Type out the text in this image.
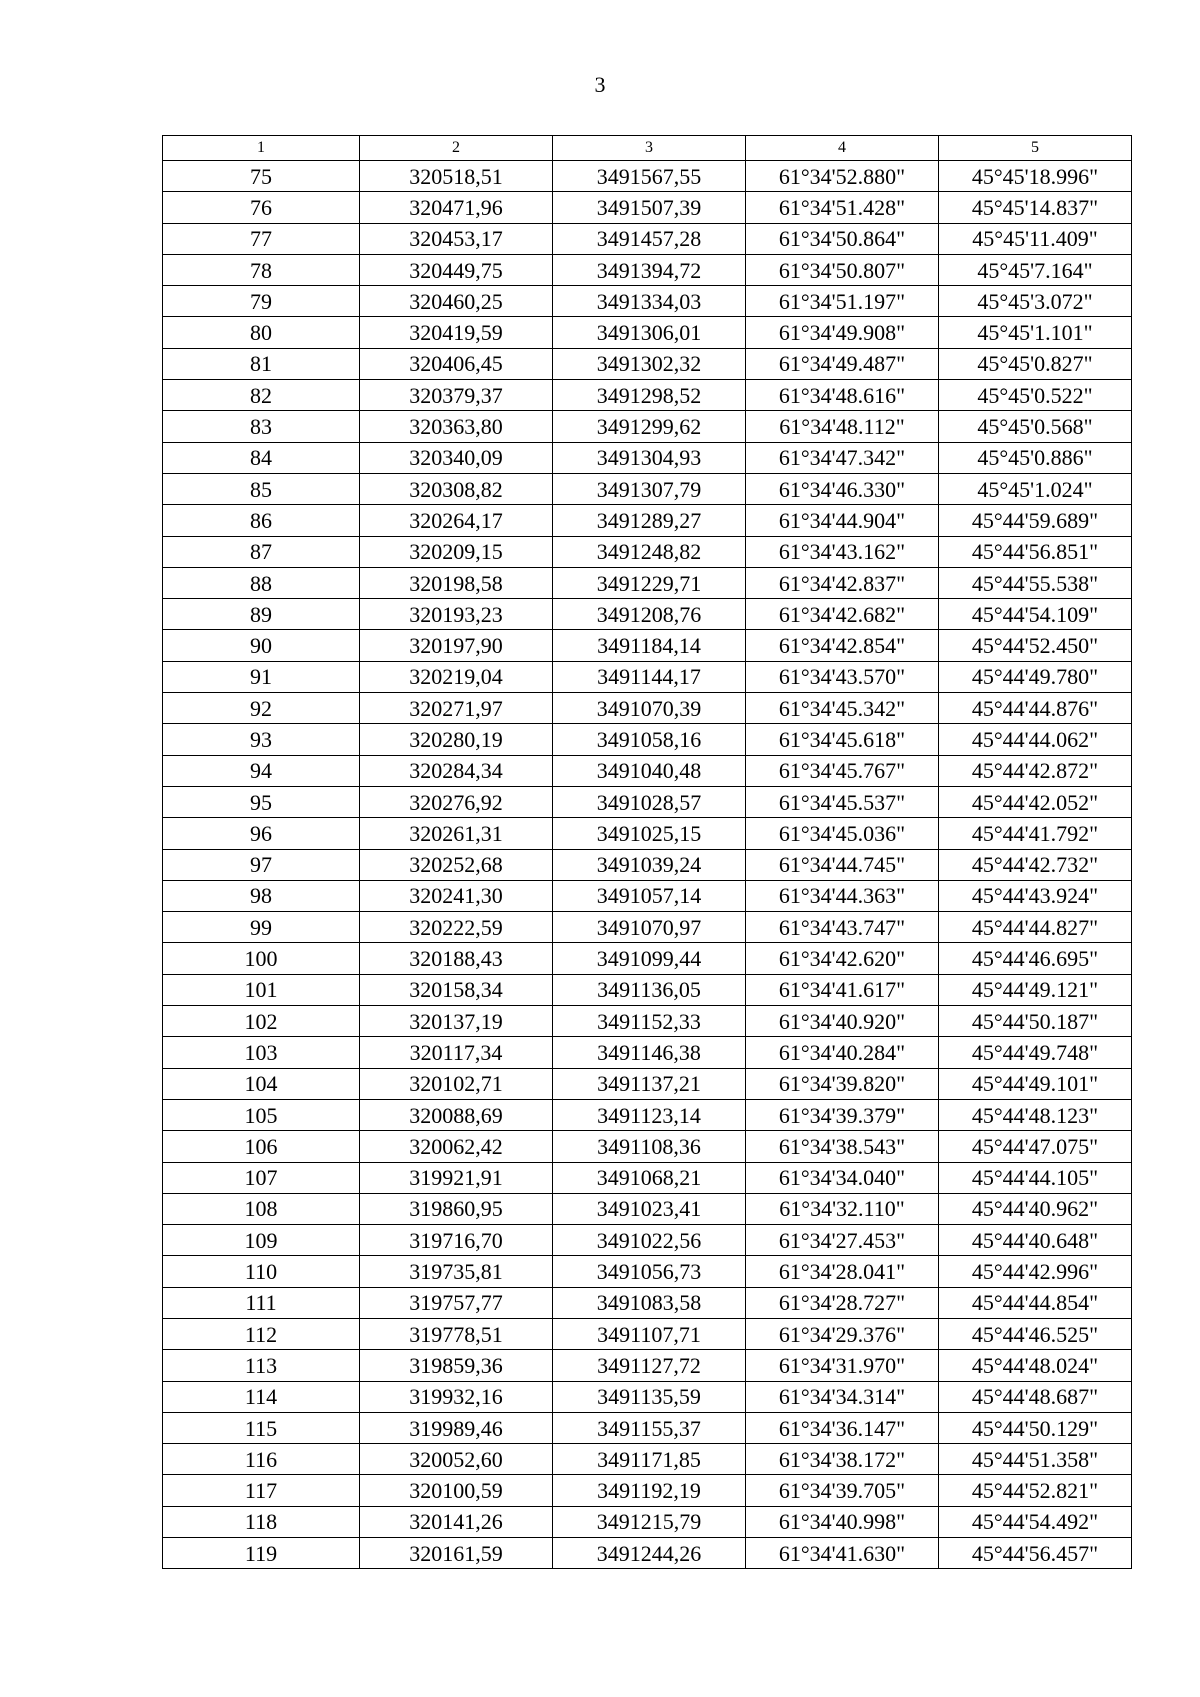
3
1	2	3	4	5
75	320518,51	3491567,55	61°34'52.880"	45°45'18.996"
76	320471,96	3491507,39	61°34'51.428"	45°45'14.837"
77	320453,17	3491457,28	61°34'50.864"	45°45'11.409"
78	320449,75	3491394,72	61°34'50.807"	45°45'7.164"
79	320460,25	3491334,03	61°34'51.197"	45°45'3.072"
80	320419,59	3491306,01	61°34'49.908"	45°45'1.101"
81	320406,45	3491302,32	61°34'49.487"	45°45'0.827"
82	320379,37	3491298,52	61°34'48.616"	45°45'0.522"
83	320363,80	3491299,62	61°34'48.112"	45°45'0.568"
84	320340,09	3491304,93	61°34'47.342"	45°45'0.886"
85	320308,82	3491307,79	61°34'46.330"	45°45'1.024"
86	320264,17	3491289,27	61°34'44.904"	45°44'59.689"
87	320209,15	3491248,82	61°34'43.162"	45°44'56.851"
88	320198,58	3491229,71	61°34'42.837"	45°44'55.538"
89	320193,23	3491208,76	61°34'42.682"	45°44'54.109"
90	320197,90	3491184,14	61°34'42.854"	45°44'52.450"
91	320219,04	3491144,17	61°34'43.570"	45°44'49.780"
92	320271,97	3491070,39	61°34'45.342"	45°44'44.876"
93	320280,19	3491058,16	61°34'45.618"	45°44'44.062"
94	320284,34	3491040,48	61°34'45.767"	45°44'42.872"
95	320276,92	3491028,57	61°34'45.537"	45°44'42.052"
96	320261,31	3491025,15	61°34'45.036"	45°44'41.792"
97	320252,68	3491039,24	61°34'44.745"	45°44'42.732"
98	320241,30	3491057,14	61°34'44.363"	45°44'43.924"
99	320222,59	3491070,97	61°34'43.747"	45°44'44.827"
100	320188,43	3491099,44	61°34'42.620"	45°44'46.695"
101	320158,34	3491136,05	61°34'41.617"	45°44'49.121"
102	320137,19	3491152,33	61°34'40.920"	45°44'50.187"
103	320117,34	3491146,38	61°34'40.284"	45°44'49.748"
104	320102,71	3491137,21	61°34'39.820"	45°44'49.101"
105	320088,69	3491123,14	61°34'39.379"	45°44'48.123"
106	320062,42	3491108,36	61°34'38.543"	45°44'47.075"
107	319921,91	3491068,21	61°34'34.040"	45°44'44.105"
108	319860,95	3491023,41	61°34'32.110"	45°44'40.962"
109	319716,70	3491022,56	61°34'27.453"	45°44'40.648"
110	319735,81	3491056,73	61°34'28.041"	45°44'42.996"
111	319757,77	3491083,58	61°34'28.727"	45°44'44.854"
112	319778,51	3491107,71	61°34'29.376"	45°44'46.525"
113	319859,36	3491127,72	61°34'31.970"	45°44'48.024"
114	319932,16	3491135,59	61°34'34.314"	45°44'48.687"
115	319989,46	3491155,37	61°34'36.147"	45°44'50.129"
116	320052,60	3491171,85	61°34'38.172"	45°44'51.358"
117	320100,59	3491192,19	61°34'39.705"	45°44'52.821"
118	320141,26	3491215,79	61°34'40.998"	45°44'54.492"
119	320161,59	3491244,26	61°34'41.630"	45°44'56.457"
